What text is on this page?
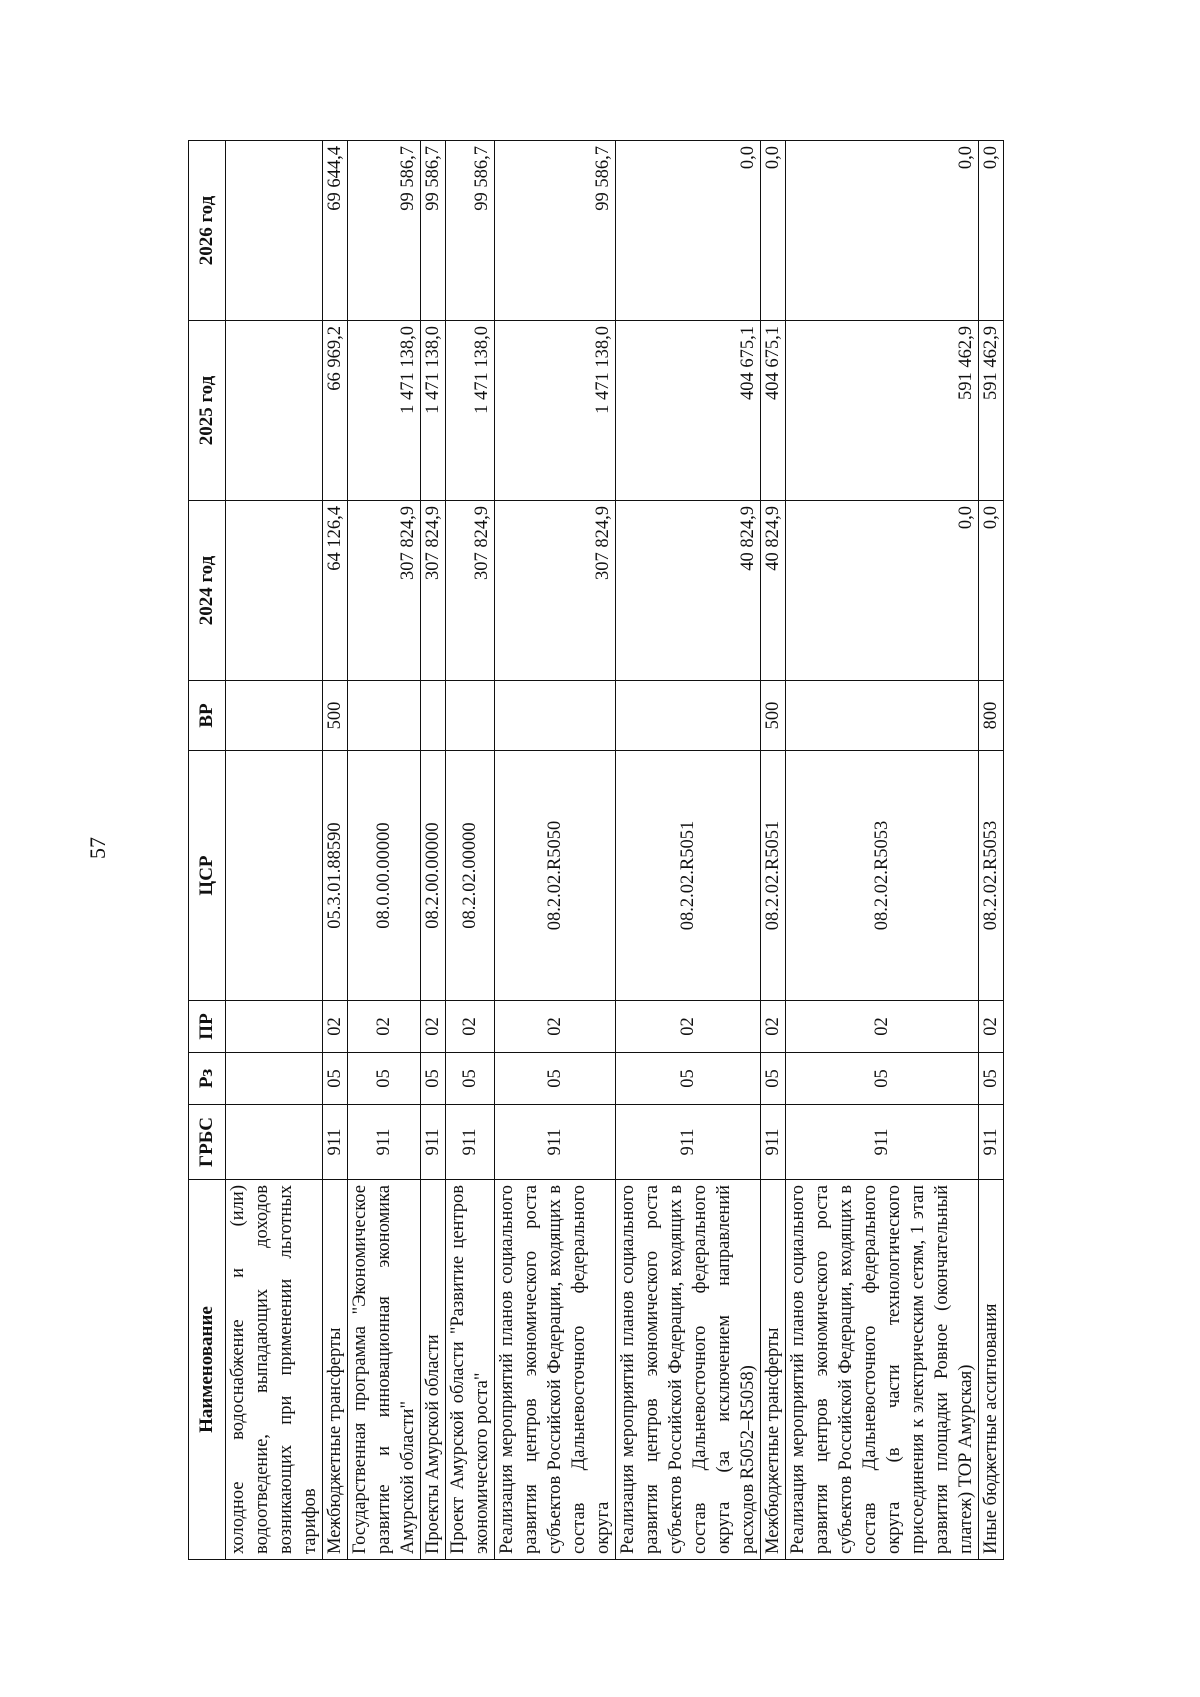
57
Наименование	ГРБС	Рз	ПР	ЦСР	ВР	2024 год	2025 год	2026 год
холодное водоснабжение и (или) водоотведение, выпадающих доходов возникающих при применении льготных тарифов								
Межбюджетные трансферты	911	05	02	05.3.01.88590	500	64 126,4	66 969,2	69 644,4
Государственная программа "Экономическое развитие и инновационная экономика Амурской области"	911	05	02	08.0.00.00000		307 824,9	1 471 138,0	99 586,7
Проекты Амурской области	911	05	02	08.2.00.00000		307 824,9	1 471 138,0	99 586,7
Проект Амурской области "Развитие центров экономического роста"	911	05	02	08.2.02.00000		307 824,9	1 471 138,0	99 586,7
Реализация мероприятий планов социального развития центров экономического роста субъектов Российской Федерации, входящих в состав Дальневосточного федерального округа	911	05	02	08.2.02.R5050		307 824,9	1 471 138,0	99 586,7
Реализация мероприятий планов социального развития центров экономического роста субъектов Российской Федерации, входящих в состав Дальневосточного федерального округа (за исключением направлений расходов R5052–R5058)	911	05	02	08.2.02.R5051		40 824,9	404 675,1	0,0
Межбюджетные трансферты	911	05	02	08.2.02.R5051	500	40 824,9	404 675,1	0,0
Реализация мероприятий планов социального развития центров экономического роста субъектов Российской Федерации, входящих в состав Дальневосточного федерального округа (в части технологического присоединения к электрическим сетям, 1 этап развития площадки Ровное (окончательный платеж) ТОР Амурская)	911	05	02	08.2.02.R5053		0,0	591 462,9	0,0
Иные бюджетные ассигнования	911	05	02	08.2.02.R5053	800	0,0	591 462,9	0,0
